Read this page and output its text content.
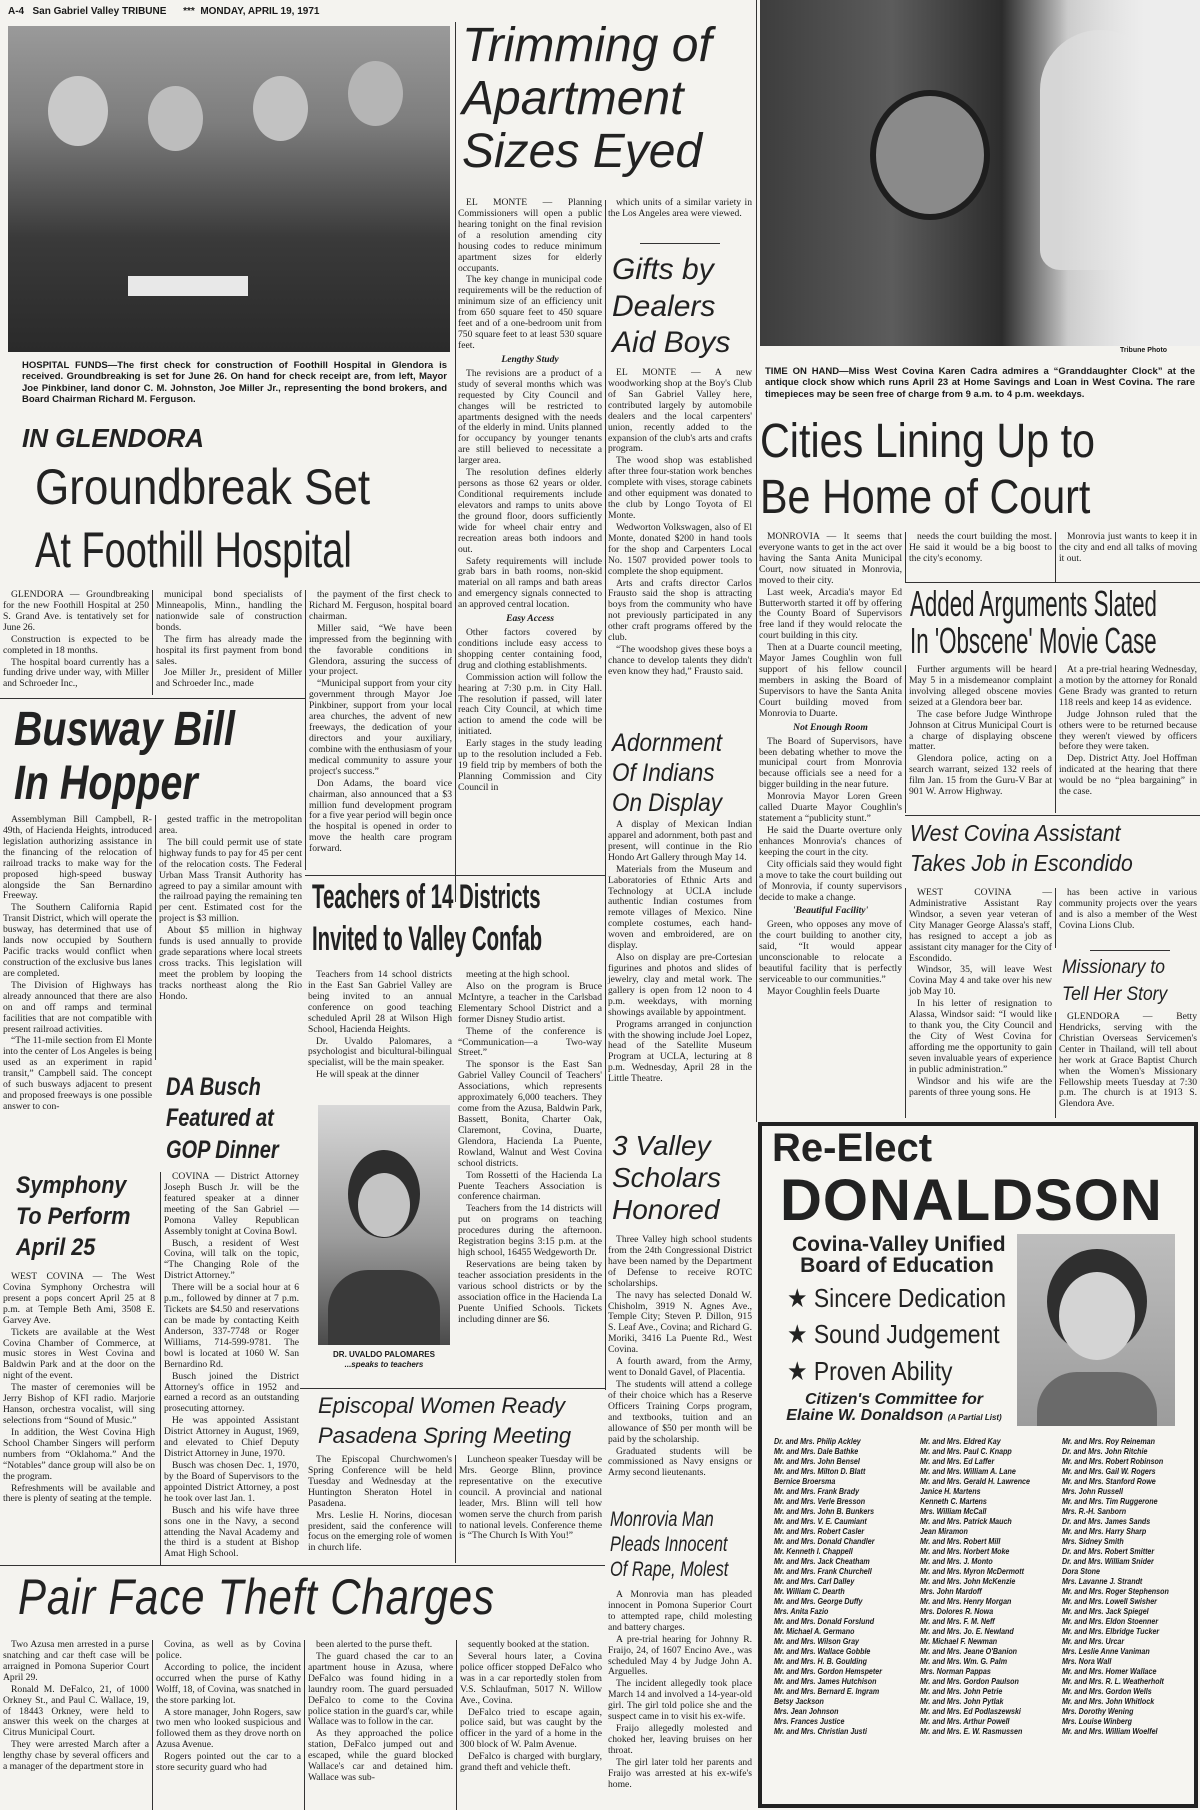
A-4 San Gabriel Valley TRIBUNE *** MONDAY, APRIL 19, 1971
HOSPITAL FUNDS—The first check for construction of Foothill Hospital in Glendora is received. Groundbreaking is set for June 26. On hand for check receipt are, from left, Mayor Joe Pinkbiner, land donor C. M. Johnston, Joe Miller Jr., representing the bond brokers, and Board Chairman Richard M. Ferguson.
IN GLENDORA
Groundbreak Set
At Foothill Hospital

GLENDORA — Groundbreaking for the new Foothill Hospital at 250 S. Grand Ave. is tentatively set for June 26.

Construction is expected to be completed in 18 months.

The hospital board currently has a funding drive under way, with Miller and Schroeder Inc.,

municipal bond specialists of Minneapolis, Minn., handling the nationwide sale of construction bonds.

The firm has already made the hospital its first payment from bond sales.

Joe Miller Jr., president of Miller and Schroeder Inc., made

the payment of the first check to Richard M. Ferguson, hospital board chairman.

Miller said, “We have been impressed from the beginning with the favorable conditions in Glendora, assuring the success of your project.

“Municipal support from your city government through Mayor Joe Pinkbiner, support from your local area churches, the advent of new freeways, the dedication of your directors and your auxiliary, combine with the enthusiasm of your medical community to assure your project's success.”

Don Adams, the board vice chairman, also announced that a $3 million fund development program for a five year period will begin once the hospital is opened in order to move the health care program forward.

Busway Bill
In Hopper

Assemblyman Bill Campbell, R-49th, of Hacienda Heights, introduced legislation authorizing assistance in the financing of the relocation of railroad tracks to make way for the proposed high-speed busway alongside the San Bernardino Freeway.

The Southern California Rapid Transit District, which will operate the busway, has determined that use of lands now occupied by Southern Pacific tracks would conflict when construction of the exclusive bus lanes are completed.

The Division of Highways has already announced that there are also on and off ramps and terminal facilities that are not compatible with present railroad activities.

“The 11-mile section from El Monte into the center of Los Angeles is being used as an experiment in rapid transit,” Campbell said. The concept of such busways adjacent to present and proposed freeways is one possible answer to con-

gested traffic in the metropolitan area.

The bill could permit use of state highway funds to pay for 45 per cent of the relocation costs. The Federal Urban Mass Transit Authority has agreed to pay a similar amount with the railroad paying the remaining ten per cent. Estimated cost for the project is $3 million.

About $5 million in highway funds is used annually to provide grade separations where local streets cross tracks. This legislation will meet the problem by looping the tracks northeast along the Rio Hondo.

DA Busch
Featured at
GOP Dinner

COVINA — District Attorney Joseph Busch Jr. will be the featured speaker at a dinner meeting of the San Gabriel — Pomona Valley Republican Assembly tonight at Covina Bowl.

Busch, a resident of West Covina, will talk on the topic, “The Changing Role of the District Attorney.”

There will be a social hour at 6 p.m., followed by dinner at 7 p.m. Tickets are $4.50 and reservations can be made by contacting Keith Anderson, 337-7748 or Roger Williams, 714-599-9781. The bowl is located at 1060 W. San Bernardino Rd.

Busch joined the District Attorney's office in 1952 and earned a record as an outstanding prosecuting attorney.

He was appointed Assistant District Attorney in August, 1969, and elevated to Chief Deputy District Attorney in June, 1970.

Busch was chosen Dec. 1, 1970, by the Board of Supervisors to the appointed District Attorney, a post he took over last Jan. 1.

Busch and his wife have three sons one in the Navy, a second attending the Naval Academy and the third is a student at Bishop Amat High School.

Symphony
To Perform
April 25

WEST COVINA — The West Covina Symphony Orchestra will present a pops concert April 25 at 8 p.m. at Temple Beth Ami, 3508 E. Garvey Ave.

Tickets are available at the West Covina Chamber of Commerce, at music stores in West Covina and Baldwin Park and at the door on the night of the event.

The master of ceremonies will be Jerry Bishop of KFI radio. Marjorie Hanson, orchestra vocalist, will sing selections from “Sound of Music.”

In addition, the West Covina High School Chamber Singers will perform numbers from “Oklahoma.” And the “Notables” dance group will also be on the program.

Refreshments will be available and there is plenty of seating at the temple.

Teachers of 14 Districts
Invited to Valley Confab

Teachers from 14 school districts in the East San Gabriel Valley are being invited to an annual conference on good teaching scheduled April 28 at Wilson High School, Hacienda Heights.

Dr. Uvaldo Palomares, a psychologist and bicultural-bilingual specialist, will be the main speaker.

He will speak at the dinner

meeting at the high school.

Also on the program is Bruce McIntyre, a teacher in the Carlsbad Elementary School District and a former Disney Studio artist.

Theme of the conference is “Communication—a Two-way Street.”

The sponsor is the East San Gabriel Valley Council of Teachers' Associations, which represents approximately 6,000 teachers. They come from the Azusa, Baldwin Park, Bassett, Bonita, Charter Oak, Claremont, Covina, Duarte, Glendora, Hacienda La Puente, Rowland, Walnut and West Covina school districts.

Tom Rossetti of the Hacienda La Puente Teachers Association is conference chairman.

Teachers from the 14 districts will put on programs on teaching procedures during the afternoon. Registration begins 3:15 p.m. at the high school, 16455 Wedgeworth Dr.

Reservations are being taken by teacher association presidents in the various school districts or by the association office in the Hacienda La Puente Unified Schools. Tickets including dinner are $6.

DR. UVALDO PALOMARES
...speaks to teachers
Episcopal Women Ready
Pasadena Spring Meeting

The Episcopal Churchwomen's Spring Conference will be held Tuesday and Wednesday at the Huntington Sheraton Hotel in Pasadena.

Mrs. Leslie H. Norins, diocesan president, said the conference will focus on the emerging role of women in church life.

Luncheon speaker Tuesday will be Mrs. George Blinn, province representative on the executive council. A provincial and national leader, Mrs. Blinn will tell how women serve the church from parish to national levels. Conference theme is “The Church Is With You!”

Pair Face Theft Charges

Two Azusa men arrested in a purse snatching and car theft case will be arraigned in Pomona Superior Court April 29.

Ronald M. DeFalco, 21, of 1000 Orkney St., and Paul C. Wallace, 19, of 18443 Orkney, were held to answer this week on the charges at Citrus Municipal Court.

They were arrested March after a lengthy chase by several officers and a manager of the department store in

Covina, as well as by Covina police.

According to police, the incident occurred when the purse of Kathy Wolff, 18, of Covina, was snatched in the store parking lot.

A store manager, John Rogers, saw two men who looked suspicious and followed them as they drove north on Azusa Avenue.

Rogers pointed out the car to a store security guard who had

been alerted to the purse theft.

The guard chased the car to an apartment house in Azusa, where DeFalco was found hiding in a laundry room. The guard persuaded DeFalco to come to the Covina police station in the guard's car, while Wallace was to follow in the car.

As they approached the police station, DeFalco jumped out and escaped, while the guard blocked Wallace's car and detained him. Wallace was sub-

sequently booked at the station.

Several hours later, a Covina police officer stopped DeFalco who was in a car reportedly stolen from V.S. Schlaufman, 5017 N. Willow Ave., Covina.

DeFalco tried to escape again, police said, but was caught by the officer in the yard of a home in the 300 block of W. Palm Avenue.

DeFalco is charged with burglary, grand theft and vehicle theft.

Trimming of
Apartment
Sizes Eyed

EL MONTE — Planning Commissioners will open a public hearing tonight on the final revision of a resolution amending city housing codes to reduce minimum apartment sizes for elderly occupants.

The key change in municipal code requirements will be the reduction of minimum size of an efficiency unit from 650 square feet to 450 square feet and of a one-bedroom unit from 750 square feet to at least 530 square feet.

Lengthy Study

The revisions are a product of a study of several months which was requested by City Council and changes will be restricted to apartments designed with the needs of the elderly in mind. Units planned for occupancy by younger tenants are still believed to necessitate a larger area.

The resolution defines elderly persons as those 62 years or older. Conditional requirements include elevators and ramps to units above the ground floor, doors sufficiently wide for wheel chair entry and recreation areas both indoors and out.

Safety requirements will include grab bars in bath rooms, non-skid material on all ramps and bath areas and emergency signals connected to an approved central location.

Easy Access

Other factors covered by conditions include easy access to shopping center containing food, drug and clothing establishments.

Commission action will follow the hearing at 7:30 p.m. in City Hall. The resolution if passed, will later reach City Council, at which time action to amend the code will be initiated.

Early stages in the study leading up to the resolution included a Feb. 19 field trip by members of both the Planning Commission and City Council in

which units of a similar variety in the Los Angeles area were viewed.

Gifts by
Dealers
Aid Boys

EL MONTE — A new woodworking shop at the Boy's Club of San Gabriel Valley here, contributed largely by automobile dealers and the local carpenters' union, recently added to the expansion of the club's arts and crafts program.

The wood shop was established after three four-station work benches complete with vises, storage cabinets and other equipment was donated to the club by Longo Toyota of El Monte.

Wedworton Volkswagen, also of El Monte, donated $200 in hand tools for the shop and Carpenters Local No. 1507 provided power tools to complete the shop equipment.

Arts and crafts director Carlos Frausto said the shop is attracting boys from the community who have not previously participated in any other craft programs offered by the club.

“The woodshop gives these boys a chance to develop talents they didn't even know they had,” Frausto said.

Adornment
Of Indians
On Display

A display of Mexican Indian apparel and adornment, both past and present, will continue in the Rio Hondo Art Gallery through May 14.

Materials from the Museum and Laboratories of Ethnic Arts and Technology at UCLA include authentic Indian costumes from remote villages of Mexico. Nine complete costumes, each hand-woven and embroidered, are on display.

Also on display are pre-Cortesian figurines and photos and slides of jewelry, clay and metal work. The gallery is open from 12 noon to 4 p.m. weekdays, with morning showings available by appointment.

Programs arranged in conjunction with the showing include Joel Lopez, head of the Satellite Museum Program at UCLA, lecturing at 8 p.m. Wednesday, April 28 in the Little Theatre.

3 Valley
Scholars
Honored

Three Valley high school students from the 24th Congressional District have been named by the Department of Defense to receive ROTC scholarships.

The navy has selected Donald W. Chisholm, 3919 N. Agnes Ave., Temple City; Steven P. Dillon, 915 S. Leaf Ave., Covina; and Richard G. Moriki, 3416 La Puente Rd., West Covina.

A fourth award, from the Army, went to Donald Gavel, of Placentia.

The students will attend a college of their choice which has a Reserve Officers Training Corps program, and textbooks, tuition and an allowance of $50 per month will be paid by the scholarship.

Graduated students will be commissioned as Navy ensigns or Army second lieutenants.

Monrovia Man
Pleads Innocent
Of Rape, Molest

A Monrovia man has pleaded innocent in Pomona Superior Court to attempted rape, child molesting and battery charges.

A pre-trial hearing for Johnny R. Fraijo, 24, of 1607 Encino Ave., was scheduled May 4 by Judge John A. Arguelles.

The incident allegedly took place March 14 and involved a 14-year-old girl. The girl told police she and the suspect came in to visit his ex-wife.

Fraijo allegedly molested and choked her, leaving bruises on her throat.

The girl later told her parents and Fraijo was arrested at his ex-wife's home.

Tribune Photo
TIME ON HAND—Miss West Covina Karen Cadra admires a “Granddaughter Clock” at the antique clock show which runs April 23 at Home Savings and Loan in West Covina. The rare timepieces may be seen free of charge from 9 a.m. to 4 p.m. weekdays.
Cities Lining Up to
Be Home of Court

MONROVIA — It seems that everyone wants to get in the act over having the Santa Anita Municipal Court, now situated in Monrovia, moved to their city.

Last week, Arcadia's mayor Ed Butterworth started it off by offering the County Board of Supervisors free land if they would relocate the court building in this city.

Then at a Duarte council meeting, Mayor James Coughlin won full support of his fellow council members in asking the Board of Supervisors to have the Santa Anita Court building moved from Monrovia to Duarte.

Not Enough Room

The Board of Supervisors, have been debating whether to move the municipal court from Monrovia because officials see a need for a bigger building in the near future.

Monrovia Mayor Loren Green called Duarte Mayor Coughlin's statement a “publicity stunt.”

He said the Duarte overture only enhances Monrovia's chances of keeping the court in the city.

City officials said they would fight a move to take the court building out of Monrovia, if county supervisors decide to make a change.

'Beautiful Facility'

Green, who opposes any move of the court building to another city, said, “It would appear unconscionable to relocate a beautiful facility that is perfectly serviceable to our communities.”

Mayor Coughlin feels Duarte

needs the court building the most. He said it would be a big boost to the city's economy.

Monrovia just wants to keep it in the city and end all talks of moving it out.

Added Arguments Slated
In 'Obscene' Movie Case

Further arguments will be heard May 5 in a misdemeanor complaint involving alleged obscene movies seized at a Glendora beer bar.

The case before Judge Winthrope Johnson at Citrus Municipal Court is a charge of displaying obscene matter.

Glendora police, acting on a search warrant, seized 132 reels of film Jan. 15 from the Guru-V Bar at 901 W. Arrow Highway.

At a pre-trial hearing Wednesday, a motion by the attorney for Ronald Gene Brady was granted to return 118 reels and keep 14 as evidence.

Judge Johnson ruled that the others were to be returned because they weren't viewed by officers before they were taken.

Dep. District Atty. Joel Hoffman indicated at the hearing that there would be no “plea bargaining” in the case.

West Covina Assistant
Takes Job in Escondido

WEST COVINA — Administrative Assistant Ray Windsor, a seven year veteran of City Manager George Alassa's staff, has resigned to accept a job as assistant city manager for the City of Escondido.

Windsor, 35, will leave West Covina May 4 and take over his new job May 10.

In his letter of resignation to Alassa, Windsor said: “I would like to thank you, the City Council and the City of West Covina for affording me the opportunity to gain seven invaluable years of experience in public administration.”

Windsor and his wife are the parents of three young sons. He

has been active in various community projects over the years and is also a member of the West Covina Lions Club.

Missionary to
Tell Her Story

GLENDORA — Betty Hendricks, serving with the Christian Overseas Servicemen's Center in Thailand, will tell about her work at Grace Baptist Church when the Women's Missionary Fellowship meets Tuesday at 7:30 p.m. The church is at 1913 S. Glendora Ave.

Re-Elect
DONALDSON
Covina-Valley Unified
Board of Education
★ Sincere Dedication
★ Sound Judgement
★ Proven Ability
Citizen's Committee for
Elaine W. Donaldson (A Partial List)
Dr. and Mrs. Philip Ackley
Mr. and Mrs. Dale Bathke
Mr. and Mrs. John Bensel
Mr. and Mrs. Milton D. Blatt
Bernice Broersma
Mr. and Mrs. Frank Brady
Mr. and Mrs. Verle Bresson
Mr. and Mrs. John B. Bunkers
Mr. and Mrs. V. E. Caumiant
Mr. and Mrs. Robert Casler
Mr. and Mrs. Donald Chandler
Mr. Kenneth I. Chappell
Mr. and Mrs. Jack Cheatham
Mr. and Mrs. Frank Churchell
Mr. and Mrs. Carl Dalley
Mr. William C. Dearth
Mr. and Mrs. George Duffy
Mrs. Anita Fazio
Mr. and Mrs. Donald Forslund
Mr. Michael A. Germano
Mr. and Mrs. Wilson Gray
Mr. and Mrs. Wallace Gobble
Mr. and Mrs. H. B. Goulding
Mr. and Mrs. Gordon Hemspeter
Mr. and Mrs. James Hutchison
Mr. and Mrs. Bernard E. Ingram
Betsy Jackson
Mrs. Jean Johnson
Mrs. Frances Justice
Mr. and Mrs. Christian Justi
Mr. and Mrs. Eldred Kay
Mr. and Mrs. Paul C. Knapp
Mr. and Mrs. Ed Laffer
Mr. and Mrs. William A. Lane
Mr. and Mrs. Gerald H. Lawrence
Janice H. Martens
Kenneth C. Martens
Mrs. William McCall
Mr. and Mrs. Patrick Mauch
Jean Miramon
Mr. and Mrs. Robert Mill
Mr. and Mrs. Norbert Moke
Mr. and Mrs. J. Monto
Mr. and Mrs. Myron McDermott
Mr. and Mrs. John McKenzie
Mrs. John Mardoff
Mr. and Mrs. Henry Morgan
Mrs. Dolores R. Nowa
Mr. and Mrs. F. M. Neff
Mr. and Mrs. Jo. E. Newland
Mr. Michael F. Newman
Mr. and Mrs. Jeane O'Banion
Mr. and Mrs. Wm. G. Palm
Mrs. Norman Pappas
Mr. and Mrs. Gordon Paulson
Mr. and Mrs. John Petrie
Mr. and Mrs. John Pytlak
Mr. and Mrs. Ed Podlaszewski
Mr. and Mrs. Arthur Powell
Mr. and Mrs. E. W. Rasmussen
Mr. and Mrs. Roy Reineman
Dr. and Mrs. John Ritchie
Mr. and Mrs. Robert Robinson
Mr. and Mrs. Gail W. Rogers
Mr. and Mrs. Stanford Rowe
Mrs. John Russell
Mr. and Mrs. Tim Ruggerone
Mrs. R.-H. Sanborn
Dr. and Mrs. James Sands
Mr. and Mrs. Harry Sharp
Mrs. Sidney Smith
Dr. and Mrs. Robert Smitter
Dr. and Mrs. William Snider
Dora Stone
Mrs. Lavanne J. Strandt
Mr. and Mrs. Roger Stephenson
Mr. and Mrs. Lowell Swisher
Mr. and Mrs. Jack Spiegel
Mr. and Mrs. Eldon Stoenner
Mr. and Mrs. Elbridge Tucker
Mr. and Mrs. Urcar
Mrs. Leslie Anne Vaniman
Mrs. Nora Wall
Mr. and Mrs. Homer Wallace
Mr. and Mrs. R. L. Weatherholt
Mr. and Mrs. Gordon Wells
Mr. and Mrs. John Whitlock
Mrs. Dorothy Wening
Mrs. Louise Winberg
Mr. and Mrs. William Woelfel
